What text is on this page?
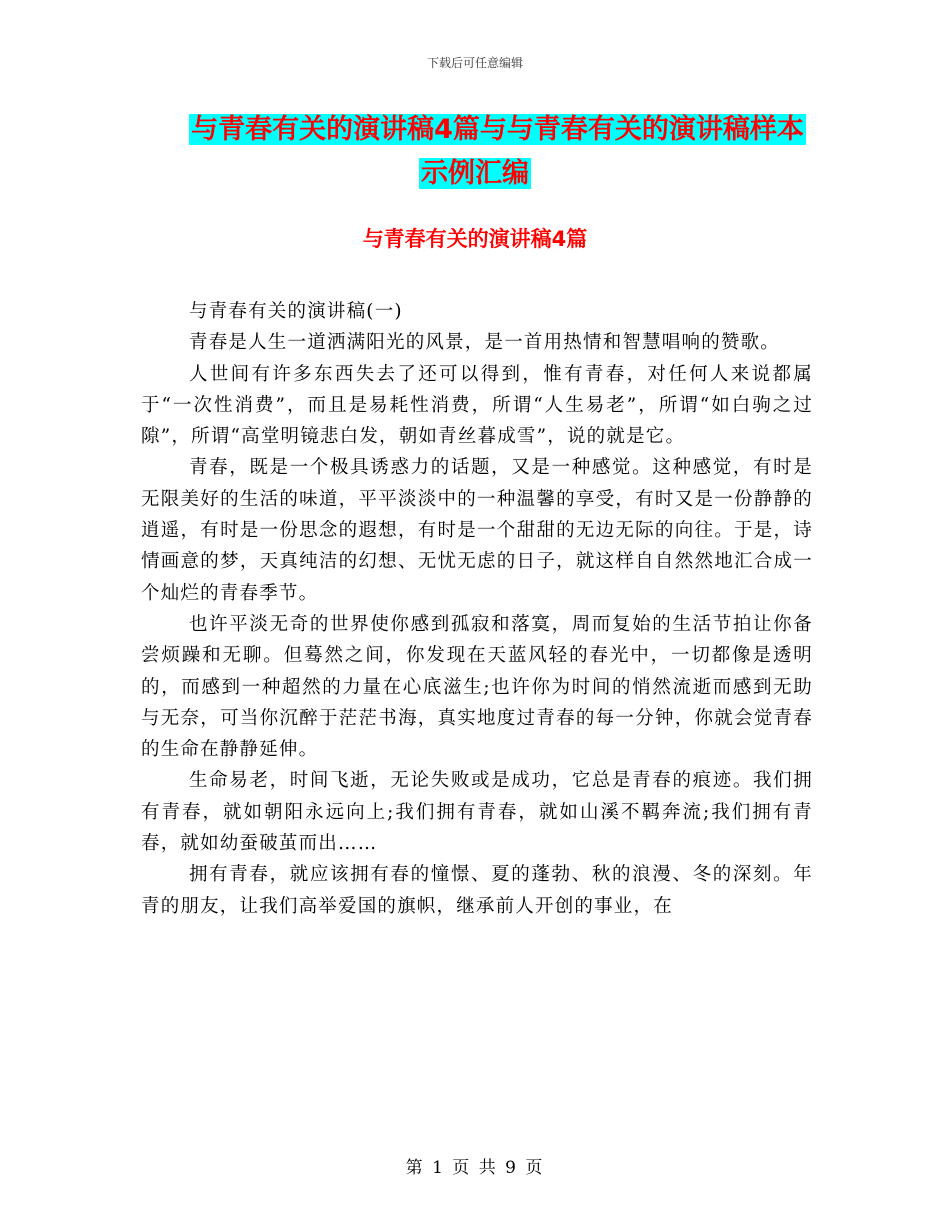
下载后可任意编辑
与青春有关的演讲稿4篇与与青春有关的演讲稿样本
示例汇编
与青春有关的演讲稿4篇

与青春有关的演讲稿(一)

青春是人生一道洒满阳光的风景，是一首用热情和智慧唱响的赞歌。

人世间有许多东西失去了还可以得到，惟有青春，对任何人来说都属于“一次性消费”，而且是易耗性消费，所谓“人生易老”，所谓“如白驹之过隙”，所谓“高堂明镜悲白发，朝如青丝暮成雪”，说的就是它。

青春，既是一个极具诱惑力的话题，又是一种感觉。这种感觉，有时是无限美好的生活的味道，平平淡淡中的一种温馨的享受，有时又是一份静静的逍遥，有时是一份思念的遐想，有时是一个甜甜的无边无际的向往。于是，诗情画意的梦，天真纯洁的幻想、无忧无虑的日子，就这样自自然然地汇合成一个灿烂的青春季节。

也许平淡无奇的世界使你感到孤寂和落寞，周而复始的生活节拍让你备尝烦躁和无聊。但蓦然之间，你发现在天蓝风轻的春光中，一切都像是透明的，而感到一种超然的力量在心底滋生;也许你为时间的悄然流逝而感到无助与无奈，可当你沉醉于茫茫书海，真实地度过青春的每一分钟，你就会觉青春的生命在静静延伸。

生命易老，时间飞逝，无论失败或是成功，它总是青春的痕迹。我们拥有青春，就如朝阳永远向上;我们拥有青春，就如山溪不羁奔流;我们拥有青春，就如幼蚕破茧而出……

拥有青春，就应该拥有春的憧憬、夏的蓬勃、秋的浪漫、冬的深刻。年青的朋友，让我们高举爱国的旗帜，继承前人开创的事业，在

第 1 页 共 9 页
